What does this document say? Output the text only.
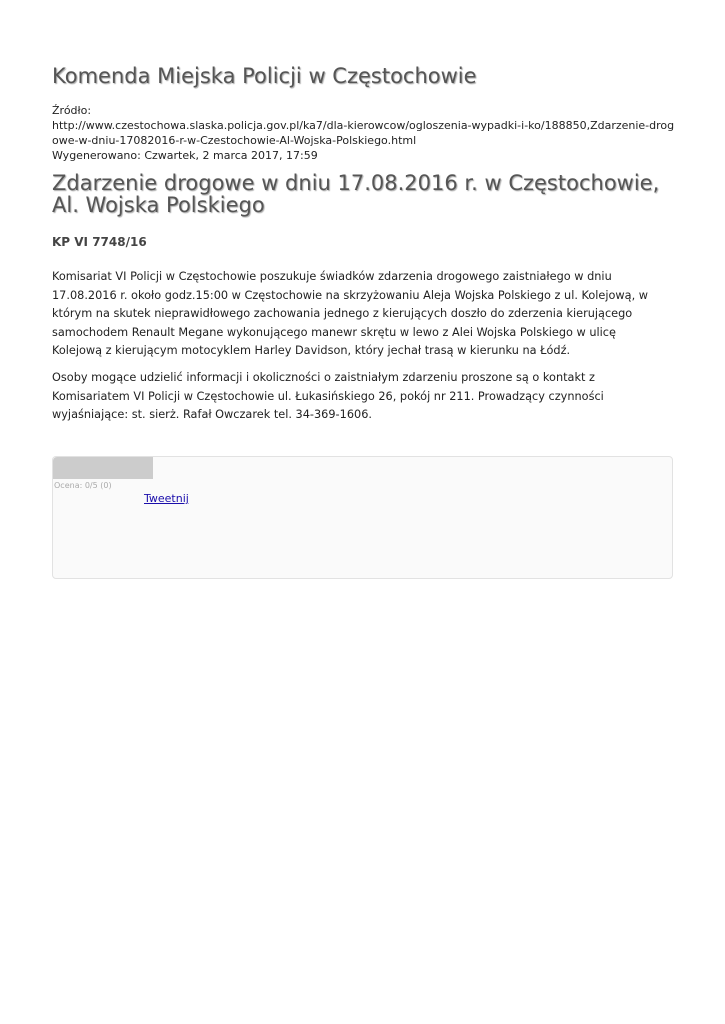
Komenda Miejska Policji w Częstochowie
Źródło:
http://www.czestochowa.slaska.policja.gov.pl/ka7/dla-kierowcow/ogloszenia-wypadki-i-ko/188850,Zdarzenie-drogowe-w-dniu-17082016-r-w-Czestochowie-Al-Wojska-Polskiego.html
Wygenerowano: Czwartek, 2 marca 2017, 17:59
Zdarzenie drogowe w dniu 17.08.2016 r. w Częstochowie, Al. Wojska Polskiego
KP VI 7748/16

Komisariat VI Policji w Częstochowie poszukuje świadków zdarzenia drogowego zaistniałego w dniu 17.08.2016 r. około godz.15:00 w Częstochowie na skrzyżowaniu Aleja Wojska Polskiego z ul. Kolejową, w którym na skutek nieprawidłowego zachowania jednego z kierujących doszło do zderzenia kierującego samochodem Renault Megane wykonującego manewr skrętu w lewo z Alei Wojska Polskiego w ulicę Kolejową z kierującym motocyklem Harley Davidson, który jechał trasą w kierunku na Łódź.

Osoby mogące udzielić informacji i okoliczności o zaistniałym zdarzeniu proszone są o kontakt z Komisariatem VI Policji w Częstochowie ul. Łukasińskiego 26, pokój nr 211. Prowadzący czynności wyjaśniające: st. sierż. Rafał Owczarek tel. 34-369-1606.

Ocena: 0/5 (0)
Tweetnij
